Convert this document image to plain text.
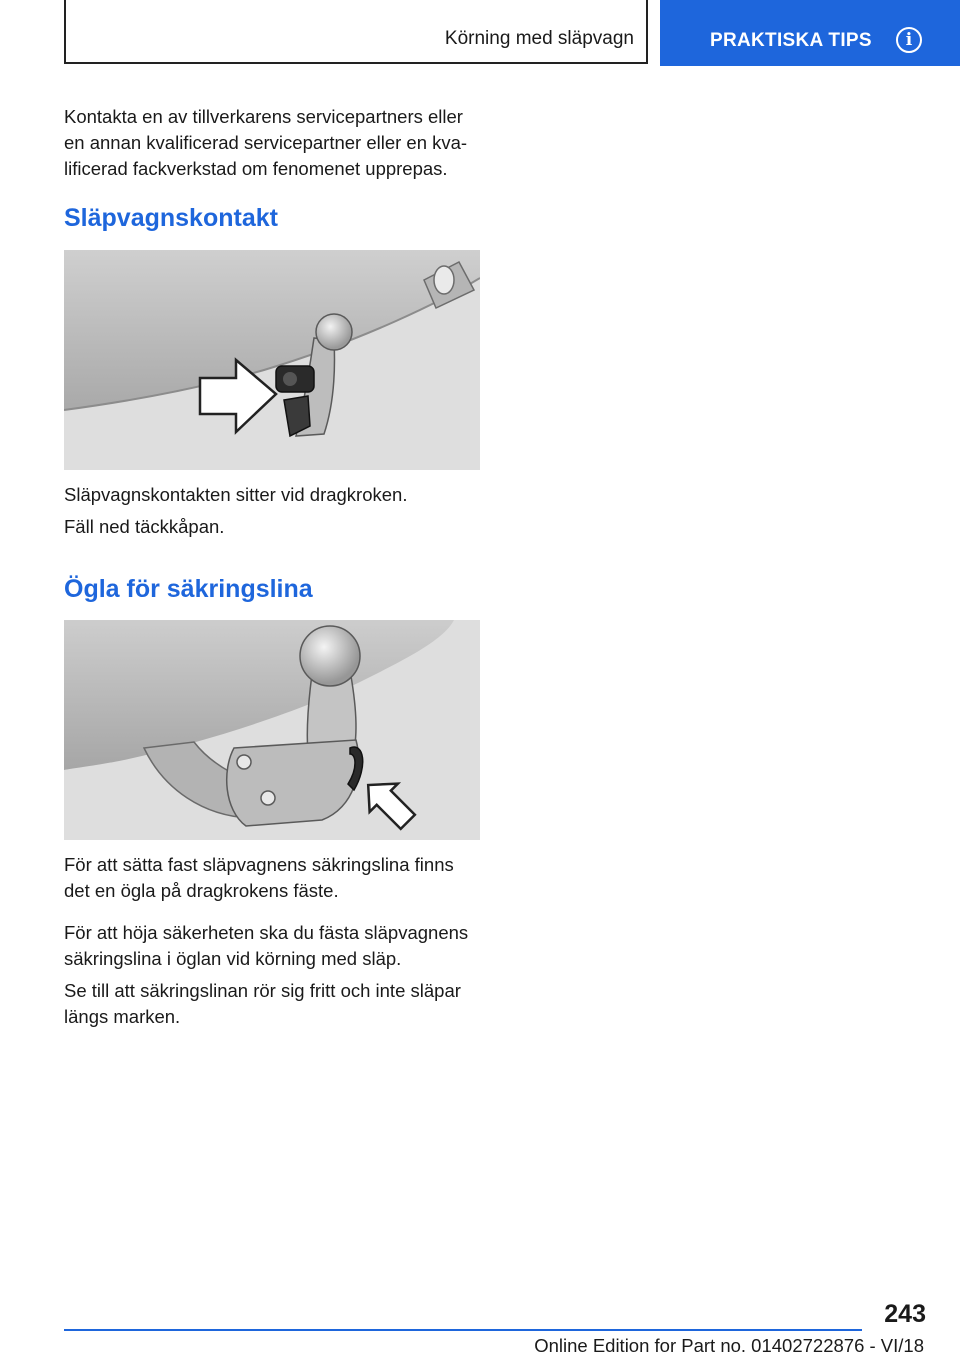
Körning med släpvagn	PRAKTISKA TIPS	i

Kontakta en av tillverkarens servicepartners eller en annan kvalificerad servicepartner eller en kva-lificerad fackverkstad om fenomenet upprepas.

Släpvagnskontakt

Släpvagnskontakten sitter vid dragkroken.

Fäll ned täckkåpan.

Ögla för säkringslina

För att sätta fast släpvagnens säkringslina finns det en ögla på dragkrokens fäste.

För att höja säkerheten ska du fästa släpvagnens säkringslina i öglan vid körning med släp.

Se till att säkringslinan rör sig fritt och inte släpar längs marken.

243
Online Edition for Part no. 01402722876 - VI/18
